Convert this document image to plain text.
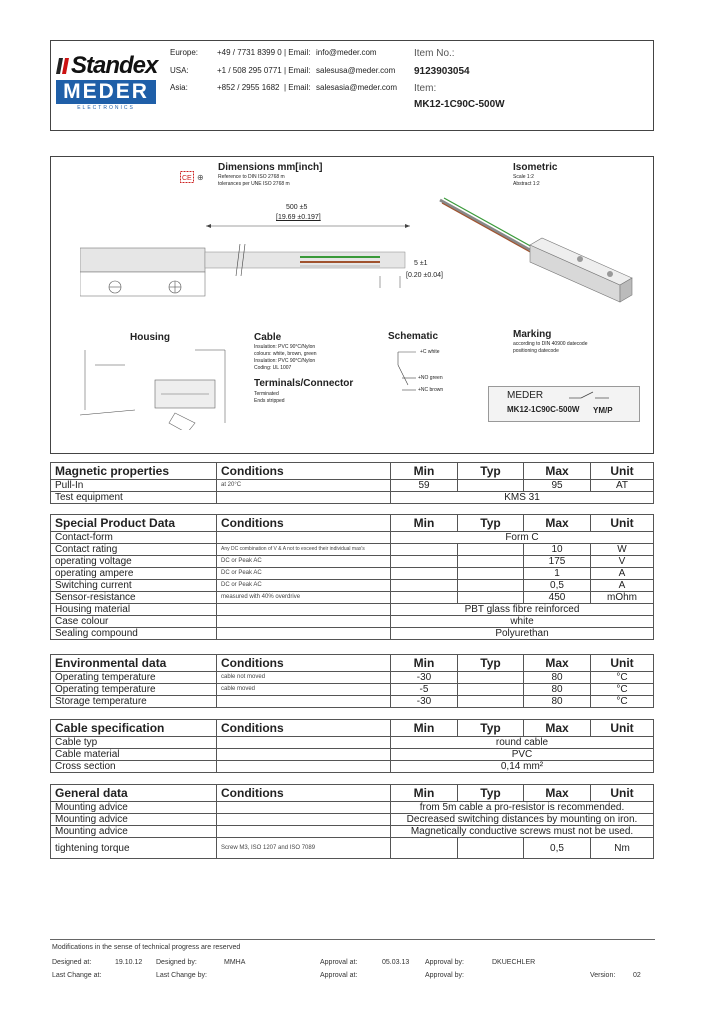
Standex
MEDER
ELECTRONICS
Europe: +49 / 7731 8399 0 | Email: info@meder.com
USA:	+1 / 508 295 0771 | Email: salesusa@meder.com
Asia:	+852 / 2955 1682 | Email: salesasia@meder.com
Item No.:
9123903054
Item:
MK12-1C90C-500W
Dimensions mm[inch]
CE ⊕	Reference to DIN ISO 2768 m
tolerances per UNE ISO 2768 m
Isometric
Scale 1:2
Abstract 1:2
500 ±5
[19.69 ±0.197]
5 ±1
[0.20 ±0.04]
Housing	Cable
Insulation: PVC 90°C/Nylon
colours: white, brown, green
Insulation: PVC 90°C/Nylon
Coding: UL 1007
Terminals/Connector
Terminated
Ends stripped
Schematic
+C white
+NO green
+NC brown
Marking
according to DIN 40900 datecode
positioning datecode
MEDER
MK12-1C90C-500W YM/P
Magnetic properties	Conditions	Min	Typ	Max	Unit
Pull-In	at 20°C	59		95	AT
Test equipment		KMS 31			
Special Product Data	Conditions	Min	Typ	Max	Unit
Contact-form		Form C			
Contact rating	Any DC combination of V & A not to exceed their individual max's			10	W
operating voltage	DC or Peak AC			175	V
operating ampere	DC or Peak AC			1	A
Switching current	DC or Peak AC			0,5	A
Sensor-resistance	measured with 40% overdrive			450	mOhm
Housing material		PBT glass fibre reinforced			
Case colour		white			
Sealing compound		Polyurethan			
Environmental data	Conditions	Min	Typ	Max	Unit
Operating temperature	cable not moved	-30		80	°C
Operating temperature	cable moved	-5		80	°C
Storage temperature		-30		80	°C
Cable specification	Conditions	Min	Typ	Max	Unit
Cable typ		round cable			
Cable material		PVC			
Cross section		0,14 mm²			
General data	Conditions	Min	Typ	Max	Unit
Mounting advice		from 5m cable a pro-resistor is recommended.			
Mounting advice		Decreased switching distances by mounting on iron.			
Mounting advice		Magnetically conductive screws must not be used.			
tightening torque	Screw M3, ISO 1207 and ISO 7089			0,5	Nm
Modifications in the sense of technical progress are reserved
Designed at:	19.10.12 Designed by:	MMHA	Approval at:	05.03.13 Approval by:	DKUECHLER
Last Change at:	Last Change by:	Approval at:	Approval by:	Version:	02
